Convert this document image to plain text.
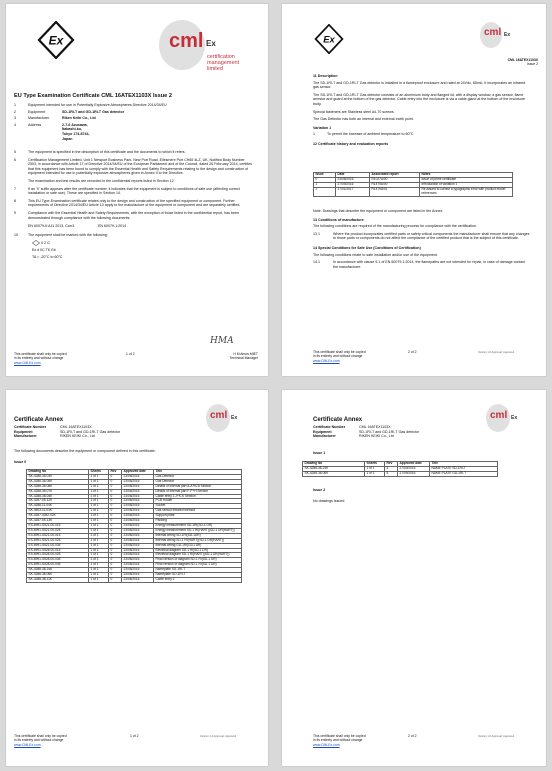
Ex	cml Ex
certification
management
limited
EU Type Examination Certificate CML 16ATEX1103X Issue 2
1	Equipment intended for use in Potentially Explosive Atmospheres Directive 2014/34/EU
2	Equipment	SD-1RI-T and GD-1RI-T Gas detector
3	Manufacturer	Riken Keiki Co., Ltd
4	Address	2-7-6 Azusawa,
Itabashi-ku,
Tokyo 174-8744,
Japan
5	The equipment is specified in the description of this certificate and the documents to which it refers.
6	Certification Management Limited, Unit 1 Newport Business Park, New Port Road, Ellesmere Port CH65 4LZ, UK, Notified Body Number 2503, in accordance with Article 17 of Directive 2014/34/EU of the European Parliament and of the Council, dated 26 February 2014, certifies that this equipment has been found to comply with the Essential Health and Safety Requirements relating to the design and construction of equipment intended for use in potentially explosive atmospheres given in Annex II to the Directive.
The examination and test results are recorded in the confidential reports listed in Section 12.
7	If an 'X' suffix appears after the certificate number, it indicates that the equipment is subject to conditions of safe use (affecting correct installation or safe use). These are specified in Section 14.
8	This EU Type-Examination certificate relates only to the design and construction of the specified equipment or component. Further requirements of Directive 2014/34/EU Article 13 apply to the manufacture of the equipment or component and are separately certified.
9	Compliance with the Essential Health and Safety Requirements, with the exception of those listed in the confidential report, has been demonstrated through compliance with the following documents:
EN 60079-0:A11 2013, Corr3	EN 60079-1:2014
10	The equipment shall be marked with the following:
II 2 G
Ex d IIC T6 Gb
TA = -20°C to 60°C
This certificate shall only be copied
in its entirety and without change
www.CMLEx.com
1 of 2
HMA
H M Amos MIET
Technical Manager
Ex
cml Ex
CML 16ATEX1103X
Issue 2
11 Description
The SD-1RI-T and GD-1RI-T Gas detector is installed in a flameproof enclosure and rated at 24Vdc, 85mA. It incorporates an infrared gas sensor.
The SD-1RI-T and GD-1RI-T Gas detector consists of an aluminium body and flanged lid, with a display window, a gas sensor, flame arrestor and guard at the bottom of the gas detector. Cable entry into the enclosure is via a cable gland at the bottom of the enclosure body.
Special fasteners are Stainless steel A4-70 screws.
The Gas Detector has both an internal and external earth point.
Variation 1
1	To permit the increase of ambient temperature to 60°C
12 Certificate history and evaluation reports
Issue	Date	Associated report	Notes
0	23/08/2016	R1027A/00	Issue of prime certificate
1	27/09/2016	R1479A/00	Introduction of variation 1
2	17/01/2017	R1479A/01	Re-issued to correct a typographic error with product model references
Note: Drawings that describe the equipment or component are listed in the Annex.
13 Conditions of manufacture
The following conditions are required of the manufacturing process for compliance with the certification.
13.1	Where the product incorporates certified parts or safety critical components the manufacturer shall ensure that any changes to those parts or components do not affect the compliance of the certified product that is the subject of this certificate.
14 Special Conditions for Safe Use (Conditions of Certification)
The following conditions relate to safe installation and/or use of the equipment.
14.1	In accordance with clause 5.1 of EN 60079-1:2014, the flamepaths are not intended for repair, in case of damage contact the manufacturer.
This certificate shall only be copied
in its entirety and without change
www.CMLEx.com
2 of 2	Version 1.6 Approval: Approved
Certificate Annex	cml Ex
Certificate Number	CML 16ATEX1103X
Equipment	SD-1RI-T and GD-1RI-T Gas detector
Manufacturer	RIKEN KEIKI Co., Ltd
The following documents describe the equipment or component defined in this certificate:
Issue 0
Drawing No	Sheets	Rev	Approved date	Title
SK-4288-38-03K	1 of 1	0	23/08/2016	Gas Detector
SK-4288-38-05K	1 of 1	0	23/08/2016	Gas Detector
SK-4288-38-08K	1 of 1	0	23/08/2016	Details of internal part A-A+B-B Section
SK-4288-38-07K	1 of 1	0	23/08/2016	Details of internal part F-F+H Section
SK-4288-38-04K	1 of 1	0	23/08/2016	Cable entry J-J+K-K Section
SK-4287-05-12K	1 of 1	0	23/08/2016	PCB Holder
SK-4288-11-04K	1 of 1	0	23/08/2016	Socket
SK-4603-11-03K	1 of 1	0	23/08/2016	Gas sensor infrared method
SK-4287-4352-02K	1 of 1	0	23/08/2016	Support plate
SK-4287-05-13K	1 of 1	0	23/08/2016	Packing
ES-6991-S521-00-01E	1 of 1	0	23/08/2016	Energy measurement SD-1RI(SD-1 DR)
ES-6991-S521-00-02E	1 of 1	0	23/08/2016	Energy measurement SD-1 RI(HART)(SD-1 DR(HART))
ES-6991-S521-00-01E	1 of 1	0	23/08/2016	Internal wiring SD-1RI(SD-1DR)
ES-6991-S521-00-02E	1 of 1	0	23/08/2016	Internal wiring SD-1 RI(HART)(SD-1 DR(HART))
ES-6991-S521-00-03E	1 of 1	0	23/08/2016	Internal wiring GD-1RI(GD-1DR)
ES-6991-S528-00-01E	1 of 1	0	23/08/2016	Electrical diagram SD-1 RI(SD-1 DR)
ES-6991-S528-00-02E	1 of 1	0	23/08/2016	Electrical diagram SD-1 RI(HART)(SD-1 DR(HART))
ES-6991-S528-00-03E	1 of 1	0	23/08/2016	Final version of diagram SD-1 RI(SD-1 DR)
ES-6991-S528-00-04E	1 of 1	0	23/08/2016	Final version of diagram SD-1 RI(SD-1 DR)
SK-4288-38-24K	1 of 1	0	23/08/2016	Nameplate SD-1RI-T
SK-4288-38-06K	1 of 1	0	23/08/2016	Nameplate GD-1RI-T
SK-4288-38-11K	1 of 1	0	23/08/2016	Cable entry 2
This certificate shall only be copied
in its entirety and without change
www.CMLEx.com
1 of 2	Version 1.6 Approval: Approved
Certificate Annex	cml Ex
Certificate Number	CML 16ATEX1103X
Equipment	SD-1RI-T and GD-1RI-T Gas detector
Manufacturer	RIKEN KEIKI Co., Ltd
Issue 1
Drawing No	Sheets	Rev	Approved date	Title
SK-4288-38-24K	1 of 1	5	27/09/2016	NAME PLATE SD-1RI-T
SK-4288-38-06K	1 of 1	5	27/09/2016	NAME PLATE GD-1RI-T
Issue 2
No drawings issued
This certificate shall only be copied
in its entirety and without change
www.CMLEx.com
2 of 2	Version 1.6 Approval: Approved
